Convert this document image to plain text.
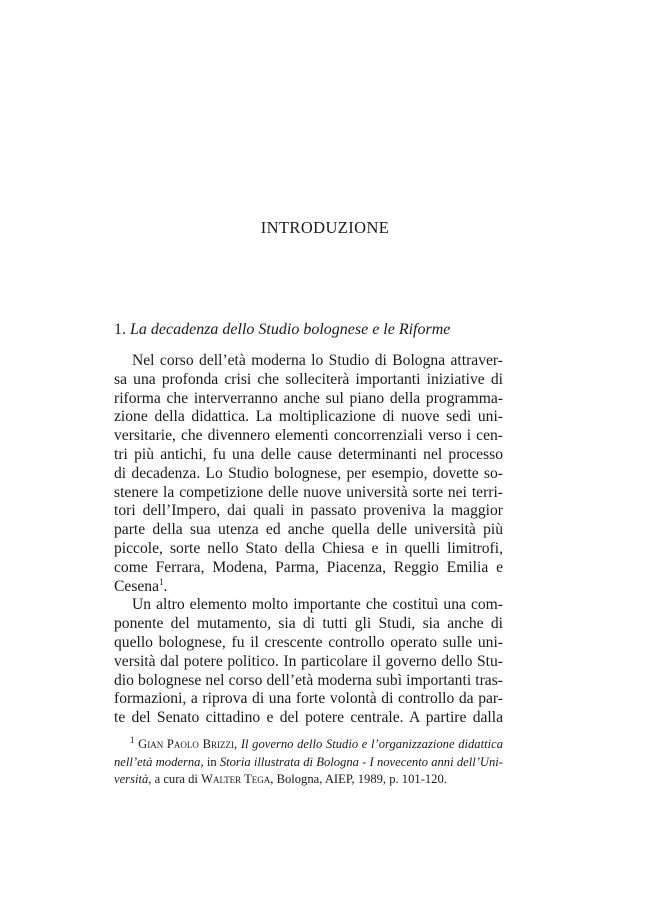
INTRODUZIONE
1. La decadenza dello Studio bolognese e le Riforme
Nel corso dell’età moderna lo Studio di Bologna attraver-
sa una profonda crisi che solleciterà importanti iniziative di
riforma che interverranno anche sul piano della programma-
zione della didattica. La moltiplicazione di nuove sedi uni-
versitarie, che divennero elementi concorrenziali verso i cen-
tri più antichi, fu una delle cause determinanti nel processo
di decadenza. Lo Studio bolognese, per esempio, dovette so-
stenere la competizione delle nuove università sorte nei terri-
tori dell’Impero, dai quali in passato proveniva la maggior
parte della sua utenza ed anche quella delle università più
piccole, sorte nello Stato della Chiesa e in quelli limitrofi,
come Ferrara, Modena, Parma, Piacenza, Reggio Emilia e
Cesena$^1$.
Un altro elemento molto importante che costituì una com-
ponente del mutamento, sia di tutti gli Studi, sia anche di
quello bolognese, fu il crescente controllo operato sulle uni-
versità dal potere politico. In particolare il governo dello Stu-
dio bolognese nel corso dell’età moderna subì importanti tras-
formazioni, a riprova di una forte volontà di controllo da par-
te del Senato cittadino e del potere centrale. A partire dalla
$^1$ Gian Paolo Brizzi, Il governo dello Studio e l’organizzazione didattica
nell’età moderna, in Storia illustrata di Bologna - I novecento anni dell’Uni-
versità, a cura di Walter Tega, Bologna, AIEP, 1989, p. 101-120.
